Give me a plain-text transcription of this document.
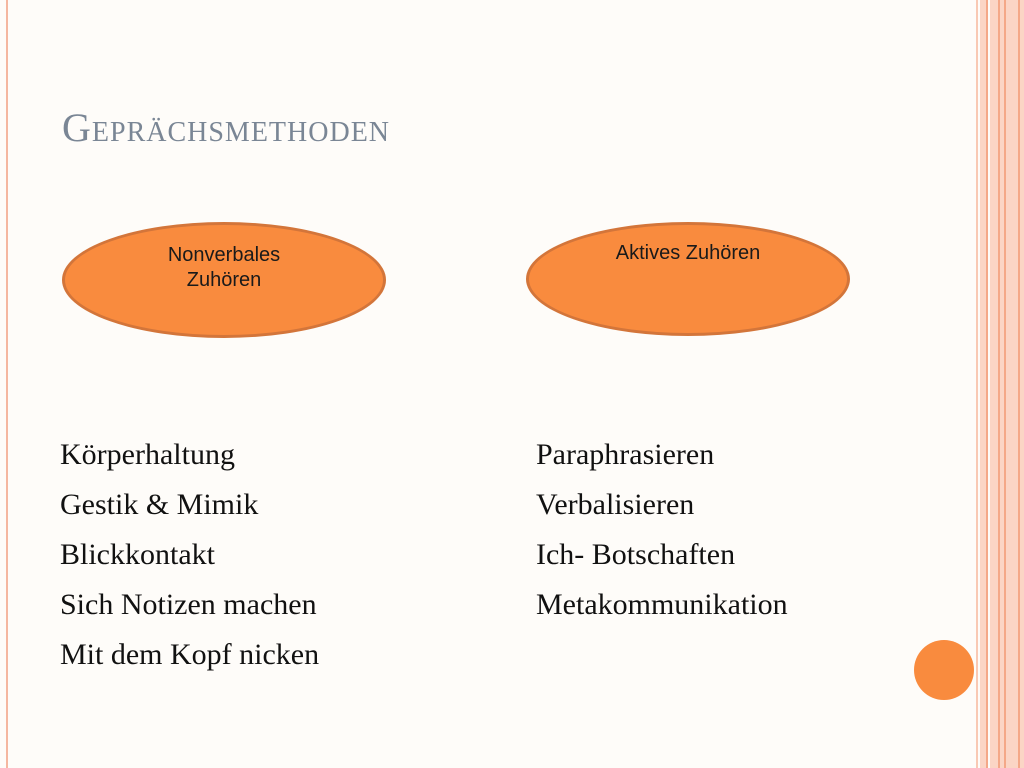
Geprächsmethoden
Nonverbales
Zuhören
Aktives Zuhören
Körperhaltung
Gestik & Mimik
Blickkontakt
Sich Notizen machen
Mit dem Kopf nicken
Paraphrasieren
Verbalisieren
Ich- Botschaften
Metakommunikation
